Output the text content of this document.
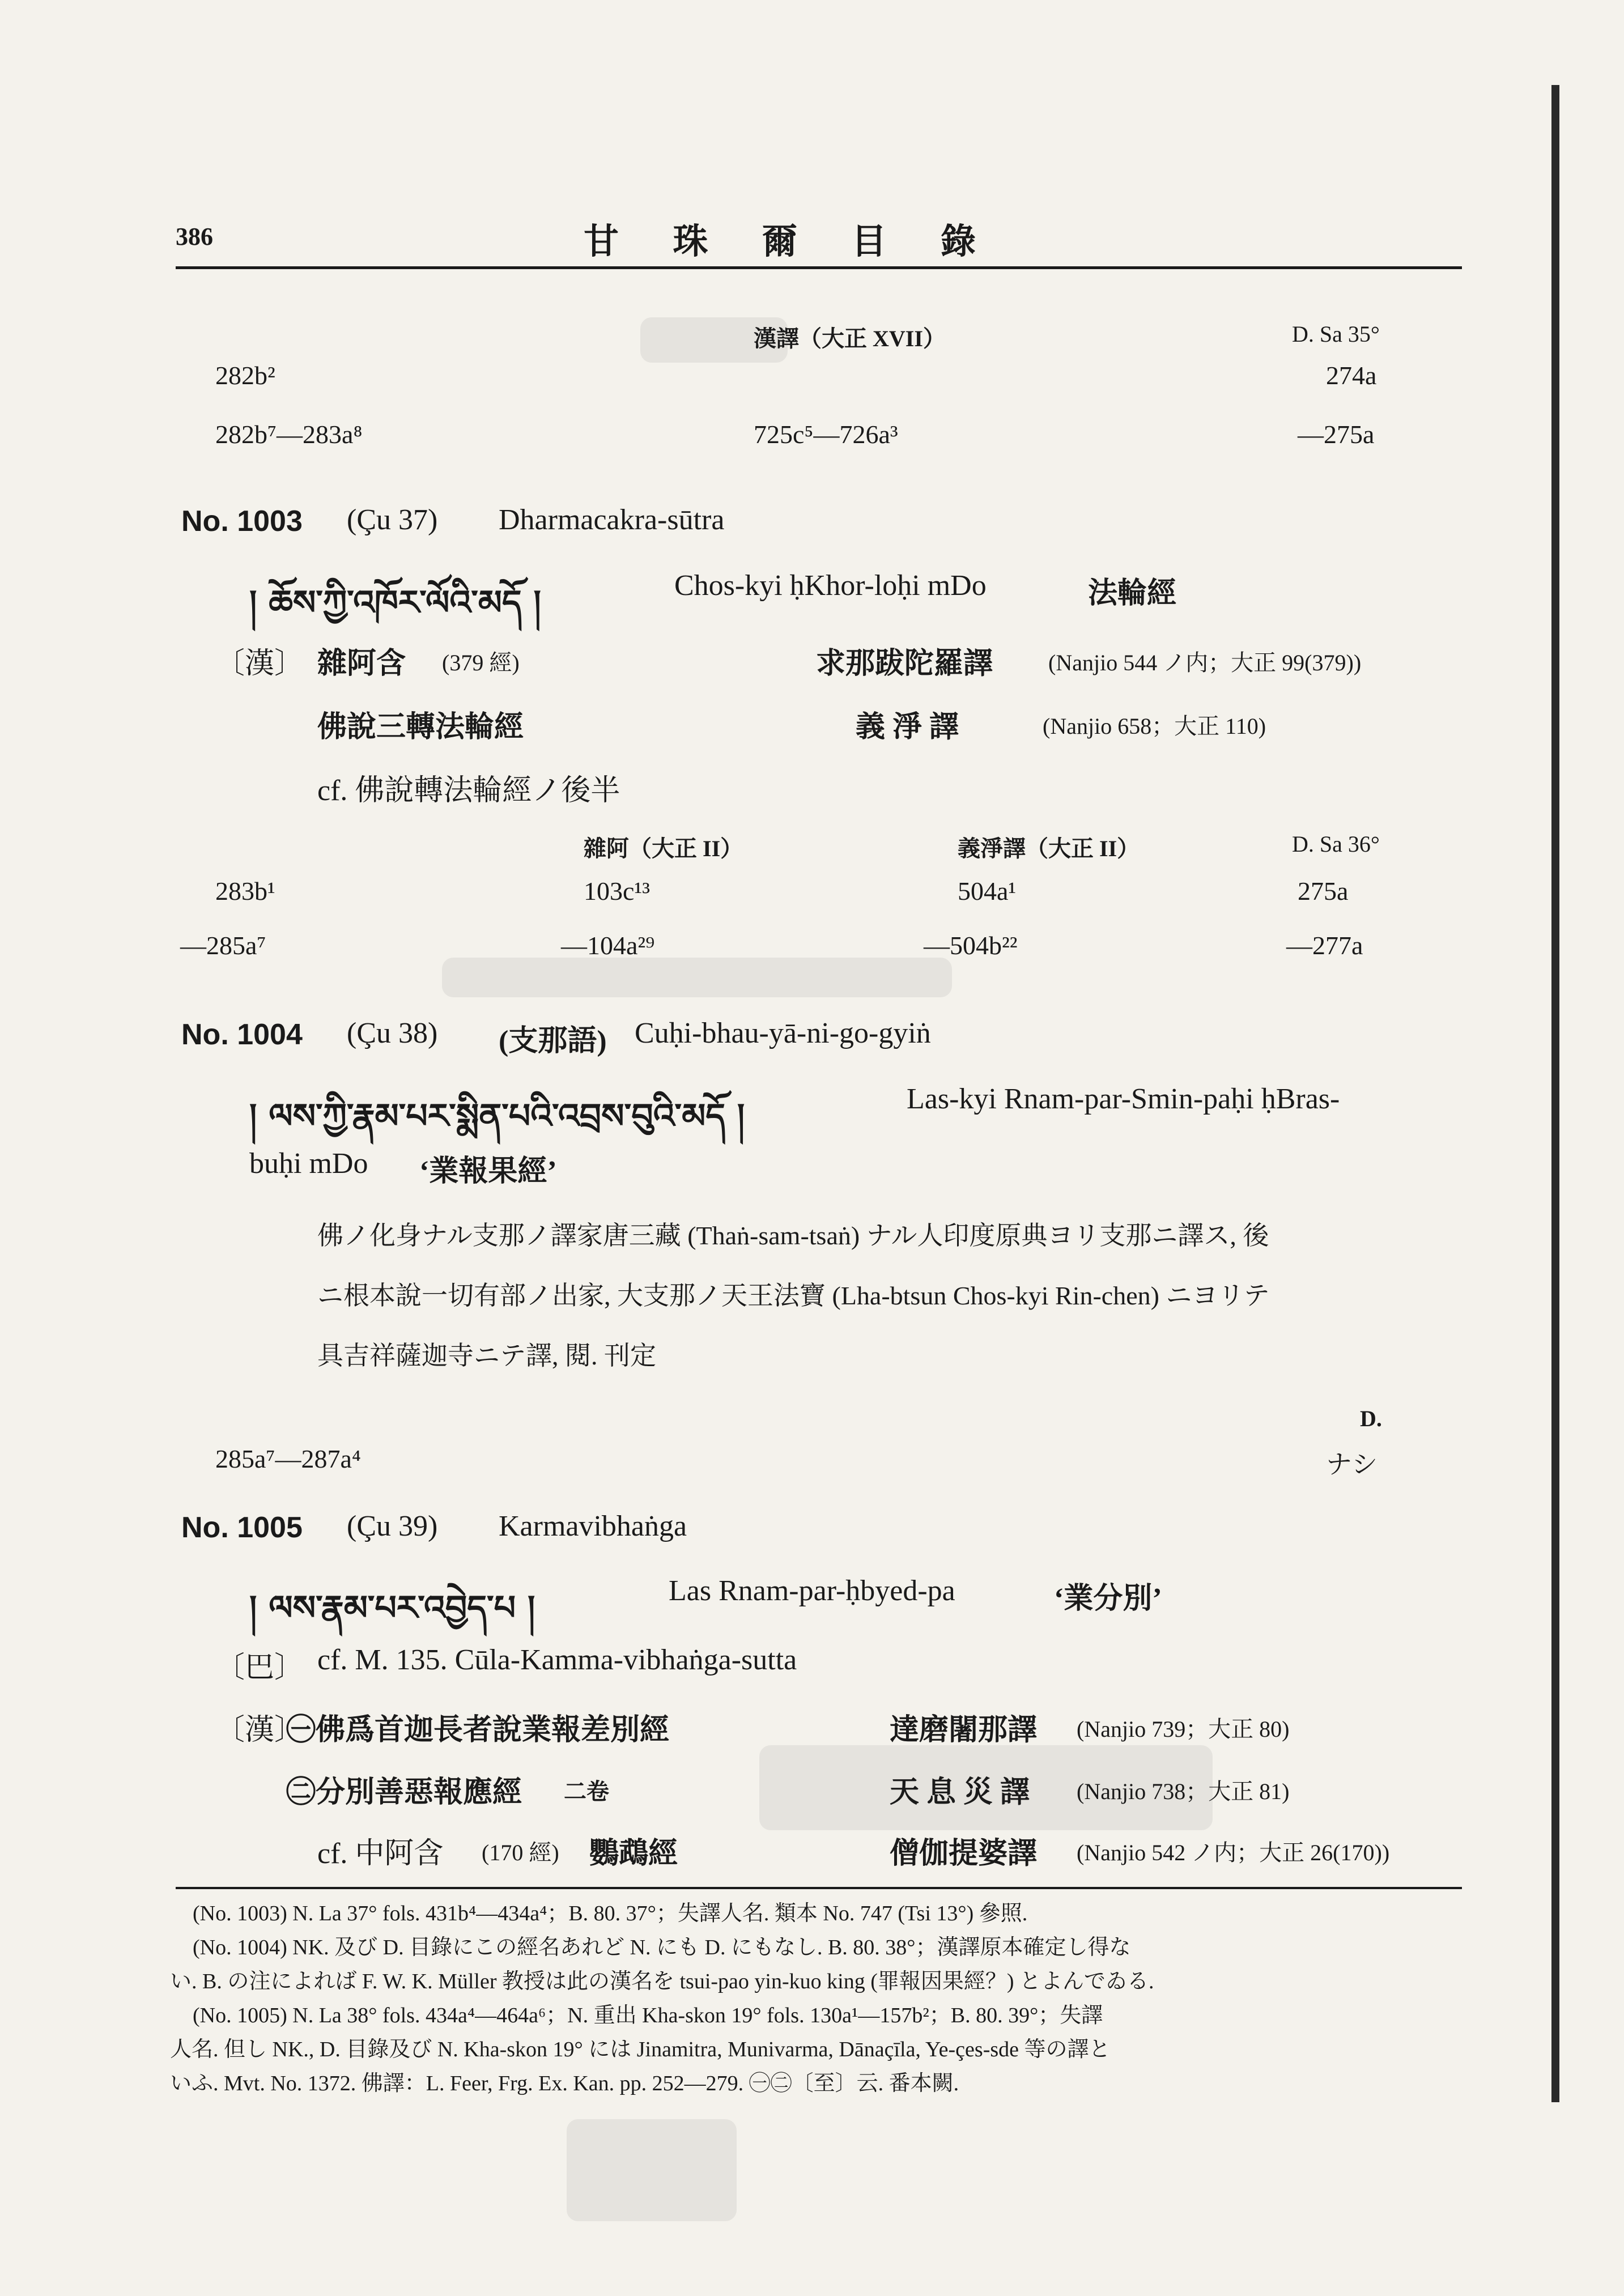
386	甘 珠 爾 目 錄
漢譯（大正 XVII）	D. Sa 35°
282b²	274a
282b⁷—283a⁸	725c⁵—726a³	—275a
No. 1003 (Çu 37) Dharmacakra-sūtra
། ཆོས་ཀྱི་འཁོར་ལོའི་མདོ །	Chos-kyi ḥKhor-loḥi mDo	法輪經
〔漢〕 雜阿含 (379 經)	求那跋陀羅譯 (Nanjio 544 ノ内；大正 99(379))
佛說三轉法輪經	義 淨 譯	(Nanjio 658；大正 110)
cf. 佛說轉法輪經ノ後半
雜阿（大正 II）	義淨譯（大正 II）	D. Sa 36°
283b¹	103c¹³	504a¹	275a
—285a⁷	—104a²⁹	—504b²²	—277a
No. 1004 (Çu 38) (支那語) Cuḥi-bhau-yā-ni-go-gyiṅ
། ལས་ཀྱི་རྣམ་པར་སྨིན་པའི་འབྲས་བུའི་མདོ །	Las-kyi Rnam-par-Smin-paḥi ḥBras-
buḥi mDo ‘業報果經’
佛ノ化身ナル支那ノ譯家唐三藏 (Thaṅ-sam-tsaṅ) ナル人印度原典ヨリ支那ニ譯ス, 後
ニ根本說一切有部ノ出家, 大支那ノ天王法寶 (Lha-btsun Chos-kyi Rin-chen) ニヨリテ
具吉祥薩迦寺ニテ譯, 閱. 刊定
D.
285a⁷—287a⁴	ナシ
No. 1005 (Çu 39) Karmavibhaṅga
། ལས་རྣམ་པར་འབྱེད་པ །	Las Rnam-par-ḥbyed-pa	‘業分別’
〔巴〕 cf. M. 135. Cūla-Kamma-vibhaṅga-sutta
〔漢〕
㊀佛爲首迦長者說業報差別經	達磨闍那譯 (Nanjio 739；大正 80)
㊁分別善惡報應經 二卷	天 息 災 譯 (Nanjio 738；大正 81)
cf. 中阿含 (170 經) 鸚鵡經	僧伽提婆譯 (Nanjio 542 ノ内；大正 26(170))
(No. 1003) N. La 37° fols. 431b⁴—434a⁴；B. 80. 37°；失譯人名. 類本 No. 747 (Tsi 13°) 參照.
(No. 1004) NK. 及び D. 目錄にこの經名あれど N. にも D. にもなし. B. 80. 38°；漢譯原本確定し得な
い. B. の注によれば F. W. K. Müller 教授は此の漢名を tsui-pao yin-kuo king (罪報因果經？) とよんでゐる.
(No. 1005) N. La 38° fols. 434a⁴—464a⁶；N. 重出 Kha-skon 19° fols. 130a¹—157b²；B. 80. 39°；失譯
人名. 但し NK., D. 目錄及び N. Kha-skon 19° には Jinamitra, Munivarma, Dānaçīla, Ye-çes-sde 等の譯と
いふ. Mvt. No. 1372. 佛譯：L. Feer, Frg. Ex. Kan. pp. 252—279. ㊀㊁〔至〕云. 番本闕.
